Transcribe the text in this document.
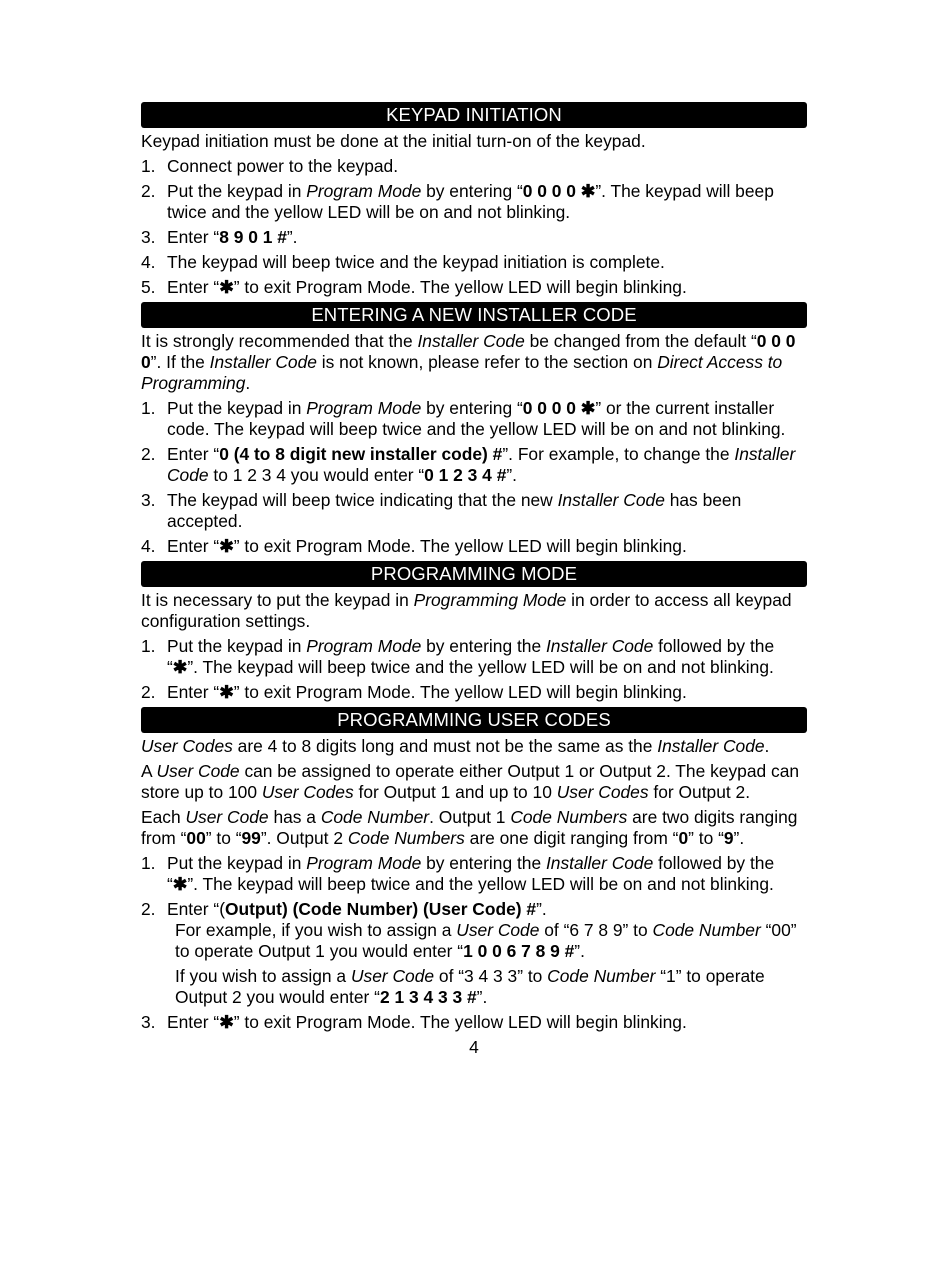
KEYPAD INITIATION

Keypad initiation must be done at the initial turn-on of the keypad.

1. Connect power to the keypad.
2. Put the keypad in Program Mode by entering “0 0 0 0 ✱”. The keypad will beep twice and the yellow LED will be on and not blinking.
3. Enter “8 9 0 1 #”.
4. The keypad will beep twice and the keypad initiation is complete.
5. Enter “✱” to exit Program Mode. The yellow LED will begin blinking.
ENTERING A NEW INSTALLER CODE

It is strongly recommended that the Installer Code be changed from the default “0 0 0 0”. If the Installer Code is not known, please refer to the section on Direct Access to Programming.

1. Put the keypad in Program Mode by entering “0 0 0 0 ✱” or the current installer code. The keypad will beep twice and the yellow LED will be on and not blinking.
2. Enter “0 (4 to 8 digit new installer code) #”. For example, to change the Installer Code to 1 2 3 4 you would enter “0 1 2 3 4 #”.
3. The keypad will beep twice indicating that the new Installer Code has been accepted.
4. Enter “✱” to exit Program Mode. The yellow LED will begin blinking.
PROGRAMMING MODE

It is necessary to put the keypad in Programming Mode in order to access all keypad configuration settings.

1. Put the keypad in Program Mode by entering the Installer Code followed by the “✱”. The keypad will beep twice and the yellow LED will be on and not blinking.
2. Enter “✱” to exit Program Mode. The yellow LED will begin blinking.
PROGRAMMING USER CODES

User Codes are 4 to 8 digits long and must not be the same as the Installer Code.

A User Code can be assigned to operate either Output 1 or Output 2. The keypad can store up to 100 User Codes for Output 1 and up to 10 User Codes for Output 2.

Each User Code has a Code Number. Output 1 Code Numbers are two digits ranging from “00” to “99”. Output 2 Code Numbers are one digit ranging from “0” to “9”.

1. Put the keypad in Program Mode by entering the Installer Code followed by the “✱”. The keypad will beep twice and the yellow LED will be on and not blinking.
2. Enter “(Output) (Code Number) (User Code) #”.

For example, if you wish to assign a User Code of “6 7 8 9” to Code Number “00” to operate Output 1 you would enter “1 0 0 6 7 8 9 #”.

If you wish to assign a User Code of “3 4 3 3” to Code Number “1” to operate Output 2 you would enter “2 1 3 4 3 3 #”.

3. Enter “✱” to exit Program Mode. The yellow LED will begin blinking.
4
